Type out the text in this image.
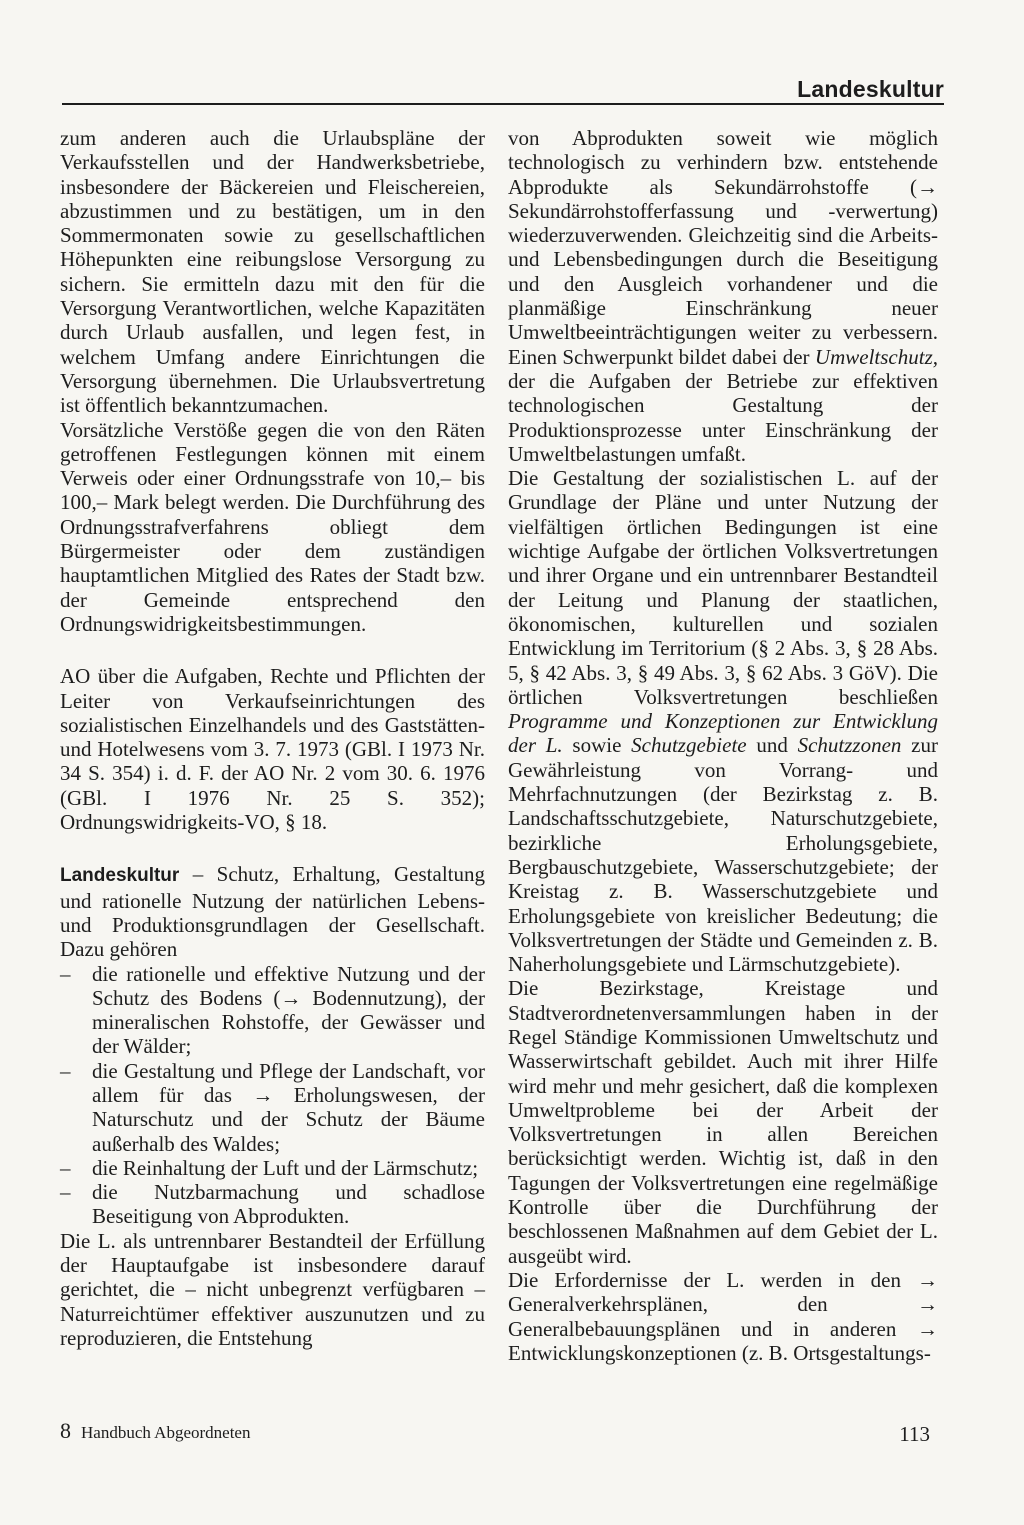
Landeskultur

zum anderen auch die Urlaubspläne der Verkaufsstellen und der Handwerksbetriebe, insbesondere der Bäckereien und Fleischereien, abzustimmen und zu bestätigen, um in den Sommermonaten sowie zu gesellschaftlichen Höhepunkten eine reibungslose Versorgung zu sichern. Sie ermitteln dazu mit den für die Versorgung Verantwortlichen, welche Kapazitäten durch Urlaub ausfallen, und legen fest, in welchem Umfang andere Einrichtungen die Versorgung übernehmen. Die Urlaubsvertretung ist öffentlich bekanntzumachen.

Vorsätzliche Verstöße gegen die von den Räten getroffenen Festlegungen können mit einem Verweis oder einer Ordnungsstrafe von 10,– bis 100,– Mark belegt werden. Die Durchführung des Ordnungsstrafverfahrens obliegt dem Bürgermeister oder dem zuständigen hauptamtlichen Mitglied des Rates der Stadt bzw. der Gemeinde entsprechend den Ordnungswidrigkeitsbestimmungen.

AO über die Aufgaben, Rechte und Pflichten der Leiter von Verkaufseinrichtungen des sozialistischen Einzelhandels und des Gaststätten- und Hotelwesens vom 3. 7. 1973 (GBl. I 1973 Nr. 34 S. 354) i. d. F. der AO Nr. 2 vom 30. 6. 1976 (GBl. I 1976 Nr. 25 S. 352); Ordnungswidrigkeits-VO, § 18.

Landeskultur – Schutz, Erhaltung, Gestaltung und rationelle Nutzung der natürlichen Lebens- und Produktionsgrundlagen der Gesellschaft. Dazu gehören

– die rationelle und effektive Nutzung und der Schutz des Bodens (→ Bodennutzung), der mineralischen Rohstoffe, der Gewässer und der Wälder;
– die Gestaltung und Pflege der Landschaft, vor allem für das → Erholungswesen, der Naturschutz und der Schutz der Bäume außerhalb des Waldes;
– die Reinhaltung der Luft und der Lärmschutz;
– die Nutzbarmachung und schadlose Beseitigung von Abprodukten.

Die L. als untrennbarer Bestandteil der Erfüllung der Hauptaufgabe ist insbesondere darauf gerichtet, die – nicht unbegrenzt verfügbaren – Naturreichtümer effektiver auszunutzen und zu reproduzieren, die Entstehung

von Abprodukten soweit wie möglich technologisch zu verhindern bzw. entstehende Abprodukte als Sekundärrohstoffe (→ Sekundärrohstofferfassung und -verwertung) wiederzuverwenden. Gleichzeitig sind die Arbeits- und Lebensbedingungen durch die Beseitigung und den Ausgleich vorhandener und die planmäßige Einschränkung neuer Umweltbeeinträchtigungen weiter zu verbessern. Einen Schwerpunkt bildet dabei der Umweltschutz, der die Aufgaben der Betriebe zur effektiven technologischen Gestaltung der Produktionsprozesse unter Einschränkung der Umweltbelastungen umfaßt.

Die Gestaltung der sozialistischen L. auf der Grundlage der Pläne und unter Nutzung der vielfältigen örtlichen Bedingungen ist eine wichtige Aufgabe der örtlichen Volksvertretungen und ihrer Organe und ein untrennbarer Bestandteil der Leitung und Planung der staatlichen, ökonomischen, kulturellen und sozialen Entwicklung im Territorium (§ 2 Abs. 3, § 28 Abs. 5, § 42 Abs. 3, § 49 Abs. 3, § 62 Abs. 3 GöV). Die örtlichen Volksvertretungen beschließen Programme und Konzeptionen zur Entwicklung der L. sowie Schutzgebiete und Schutzzonen zur Gewährleistung von Vorrang- und Mehrfachnutzungen (der Bezirkstag z. B. Landschaftsschutzgebiete, Naturschutzgebiete, bezirkliche Erholungsgebiete, Bergbauschutzgebiete, Wasserschutzgebiete; der Kreistag z. B. Wasserschutzgebiete und Erholungsgebiete von kreislicher Bedeutung; die Volksvertretungen der Städte und Gemeinden z. B. Naherholungsgebiete und Lärmschutzgebiete).

Die Bezirkstage, Kreistage und Stadtverordnetenversammlungen haben in der Regel Ständige Kommissionen Umweltschutz und Wasserwirtschaft gebildet. Auch mit ihrer Hilfe wird mehr und mehr gesichert, daß die komplexen Umweltprobleme bei der Arbeit der Volksvertretungen in allen Bereichen berücksichtigt werden. Wichtig ist, daß in den Tagungen der Volksvertretungen eine regelmäßige Kontrolle über die Durchführung der beschlossenen Maßnahmen auf dem Gebiet der L. ausgeübt wird.

Die Erfordernisse der L. werden in den → Generalverkehrsplänen, den → Generalbebauungsplänen und in anderen → Entwicklungskonzeptionen (z. B. Ortsgestaltungs-

8 Handbuch Abgeordneten	113
